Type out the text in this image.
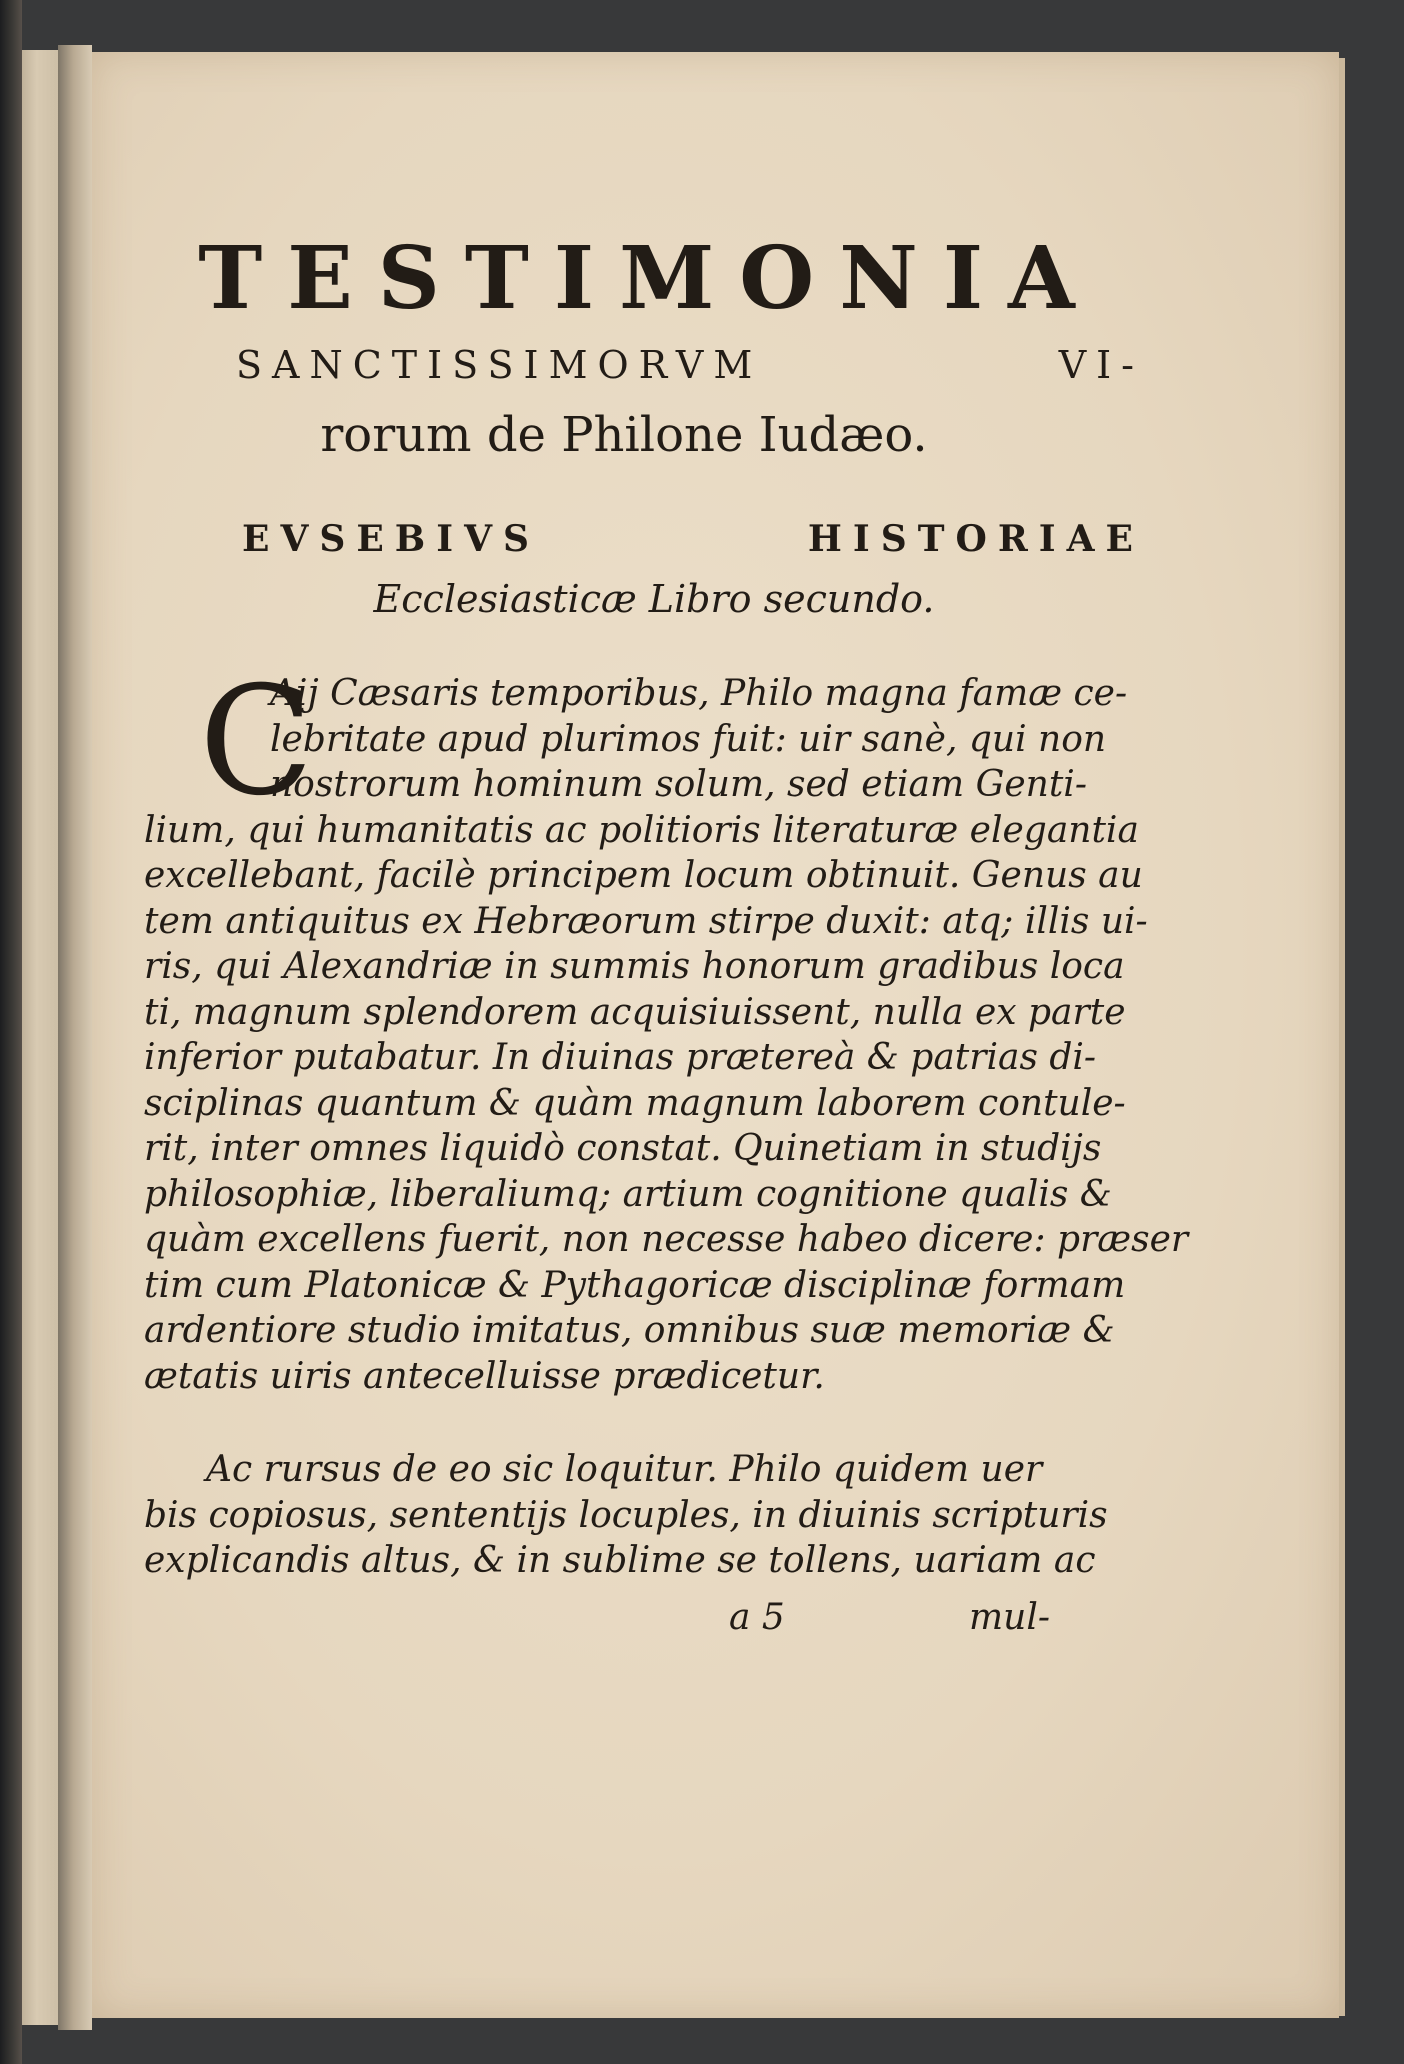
TESTIMONIA
SANCTISSIMORVM	VI-
rorum de Philone Iudæo.
EVSEBIVS	HISTORIAE
Ecclesiasticæ Libro secundo.
C
Aij Cæsaris temporibus, Philo magna famæ ce-
lebritate apud plurimos fuit: uir sanè, qui non
nostrorum hominum solum, sed etiam Genti-
lium, qui humanitatis ac politioris literaturæ elegantia
excellebant, facilè principem locum obtinuit. Genus au
tem antiquitus ex Hebræorum stirpe duxit: atq; illis ui-
ris, qui Alexandriæ in summis honorum gradibus loca
ti, magnum splendorem acquisiuissent, nulla ex parte
inferior putabatur. In diuinas prætereà & patrias di-
sciplinas quantum & quàm magnum laborem contule-
rit, inter omnes liquidò constat. Quinetiam in studijs
philosophiæ, liberaliumq; artium cognitione qualis &
quàm excellens fuerit, non necesse habeo dicere: præser
tim cum Platonicæ & Pythagoricæ disciplinæ formam
ardentiore studio imitatus, omnibus suæ memoriæ &
ætatis uiris antecelluisse prædicetur.
Ac rursus de eo sic loquitur. Philo quidem uer
bis copiosus, sententijs locuples, in diuinis scripturis
explicandis altus, & in sublime se tollens, uariam ac
a 5	mul-
